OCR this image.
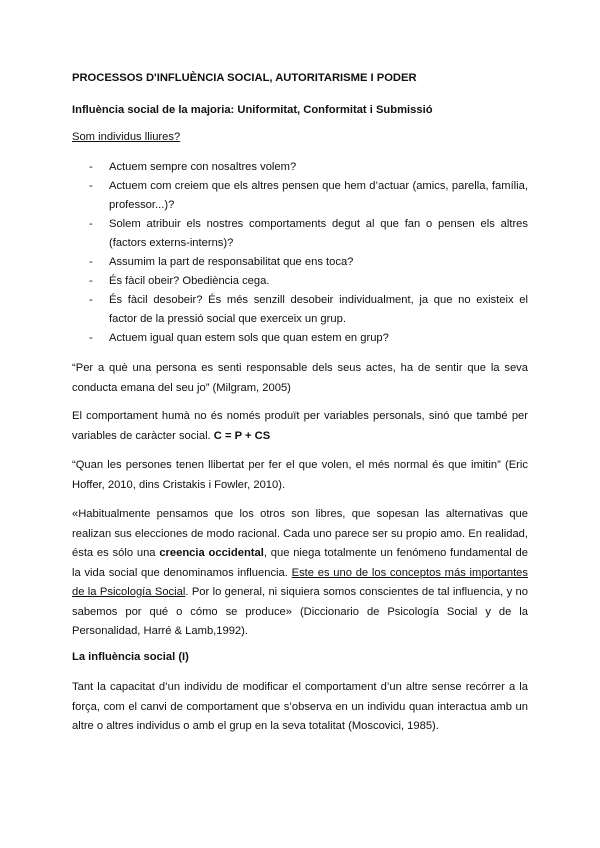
PROCESSOS D'INFLUÈNCIA SOCIAL, AUTORITARISME I PODER
Influència social de la majoria: Uniformitat, Conformitat i Submissió
Som individus lliures?
- Actuem sempre con nosaltres volem?
- Actuem com creiem que els altres pensen que hem d’actuar (amics, parella, família, professor...)?
- Solem atribuir els nostres comportaments degut al que fan o pensen els altres (factors externs-interns)?
- Assumim la part de responsabilitat que ens toca?
- És fàcil obeir? Obediència cega.
- És fàcil desobeir? És més senzill desobeir individualment, ja que no existeix el factor de la pressió social que exerceix un grup.
- Actuem igual quan estem sols que quan estem en grup?

“Per a què una persona es senti responsable dels seus actes, ha de sentir que la seva conducta emana del seu jo” (Milgram, 2005)

El comportament humà no és només produït per variables personals, sinó que també per variables de caràcter social. C = P + CS

“Quan les persones tenen llibertat per fer el que volen, el més normal és que imitin” (Eric Hoffer, 2010, dins Cristakis i Fowler, 2010).

«Habitualmente pensamos que los otros son libres, que sopesan las alternativas que realizan sus elecciones de modo racional. Cada uno parece ser su propio amo. En realidad, ésta es sólo una creencia occidental, que niega totalmente un fenómeno fundamental de la vida social que denominamos influencia. Este es uno de los conceptos más importantes de la Psicología Social. Por lo general, ni siquiera somos conscientes de tal influencia, y no sabemos por qué o cómo se produce» (Diccionario de Psicología Social y de la Personalidad, Harré & Lamb,1992).

La influència social (I)

Tant la capacitat d’un individu de modificar el comportament d’un altre sense recórrer a la força, com el canvi de comportament que s’observa en un individu quan interactua amb un altre o altres individus o amb el grup en la seva totalitat (Moscovici, 1985).
